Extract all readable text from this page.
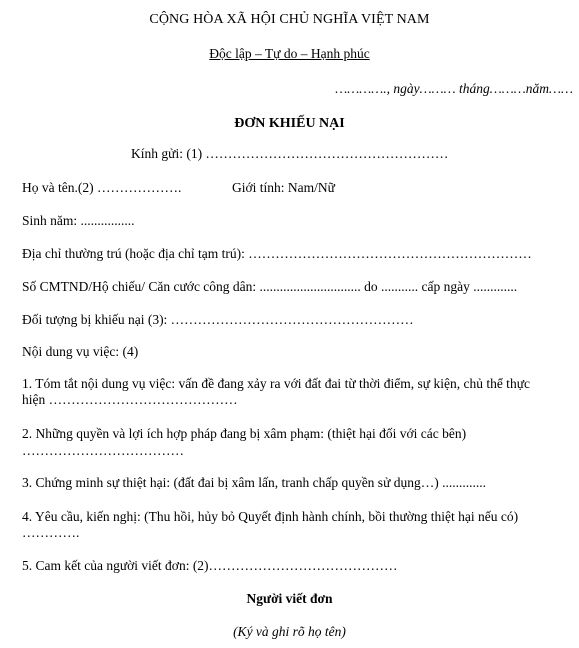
CỘNG HÒA XÃ HỘI CHỦ NGHĨA VIỆT NAM
Độc lập – Tự do – Hạnh phúc
…………., ngày……… tháng………năm……
ĐƠN KHIẾU NẠI
Kính gửi: (1) ………………………………………………
Họ và tên.(2) ……………….	Giới tính: Nam/Nữ
Sinh năm: ................
Địa chỉ thường trú (hoặc địa chỉ tạm trú): ………………………………………………………
Số CMTND/Hộ chiếu/ Căn cước công dân: .............................. do ........... cấp ngày .............
Đối tượng bị khiếu nại (3): ………………………………………………
Nội dung vụ việc: (4)
1. Tóm tắt nội dung vụ việc: vấn đề đang xảy ra với đất đai từ thời điểm, sự kiện, chủ thể thực
hiện ……………………………………
2. Những quyền và lợi ích hợp pháp đang bị xâm phạm: (thiệt hại đối với các bên)
………………………………
3. Chứng minh sự thiệt hại: (đất đai bị xâm lấn, tranh chấp quyền sử dụng…) .............
4. Yêu cầu, kiến nghị: (Thu hồi, hủy bỏ Quyết định hành chính, bồi thường thiệt hại nếu có)
………….
5. Cam kết của người viết đơn: (2)……………………………………
Người viết đơn
(Ký và ghi rõ họ tên)
